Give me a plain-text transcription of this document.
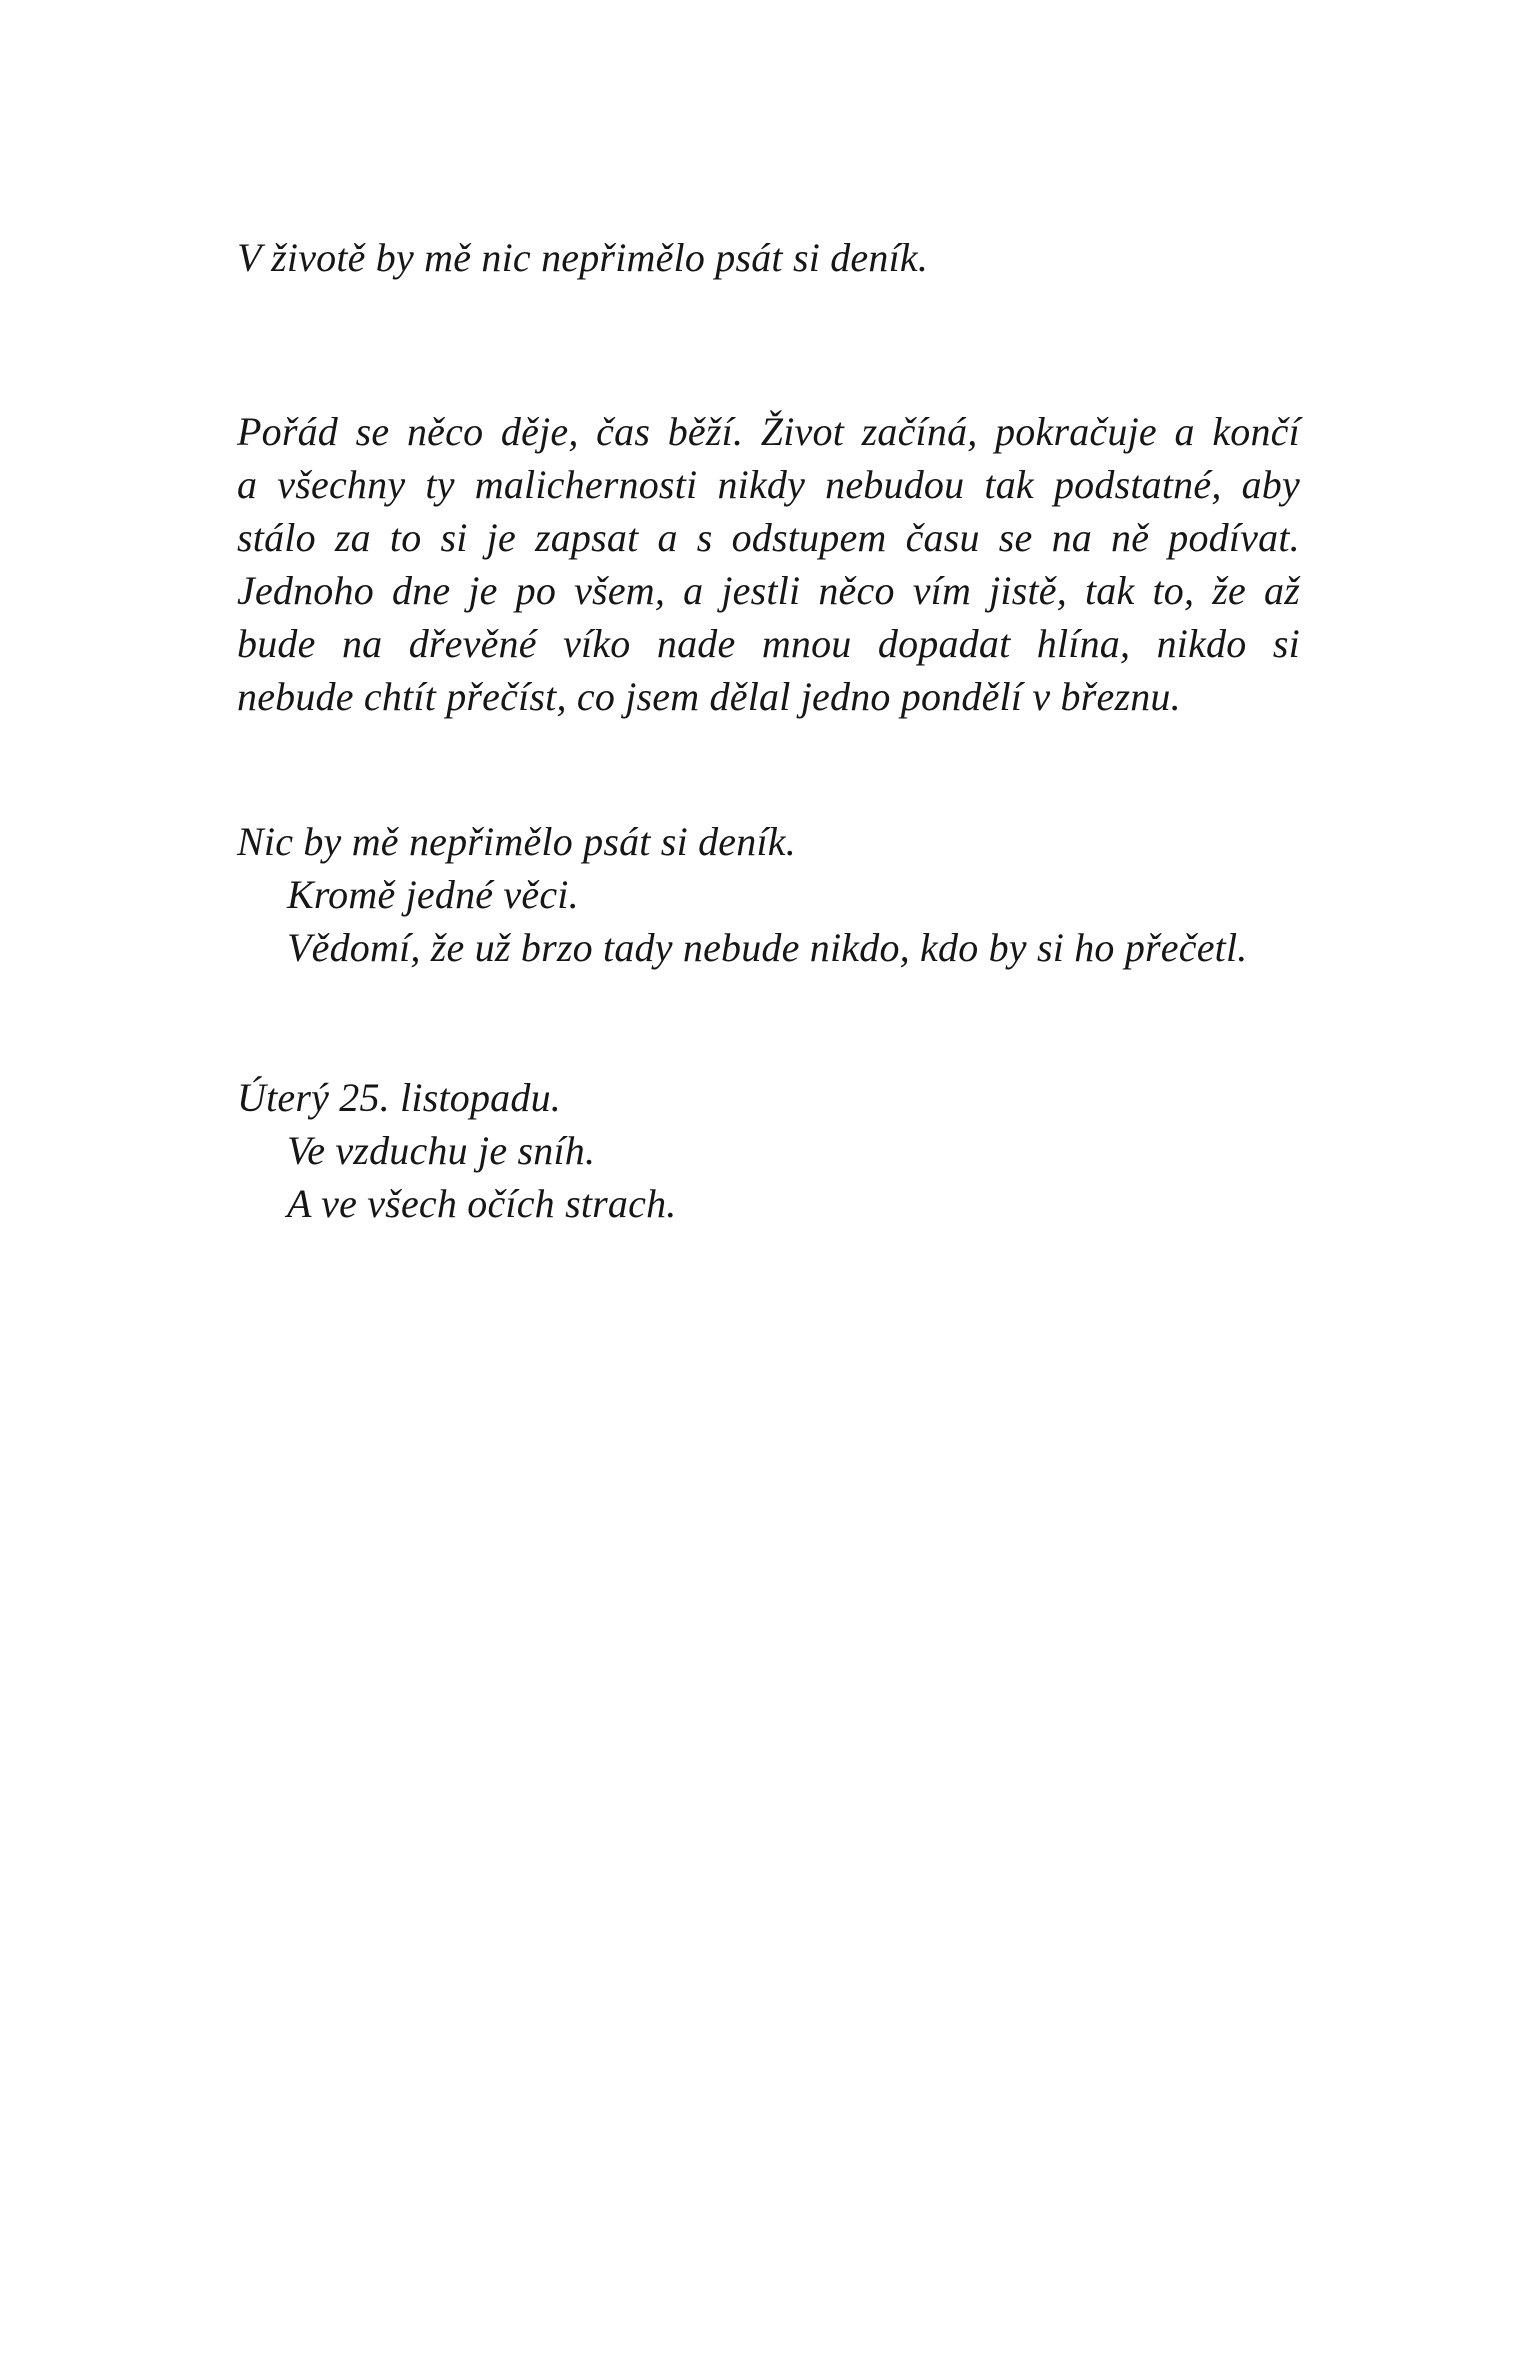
V životě by mě nic nepřimělo psát si deník.
Pořád se něco děje, čas běží. Život začíná, pokračuje a končí
a všechny ty malichernosti nikdy nebudou tak podstatné, aby
stálo za to si je zapsat a s odstupem času se na ně podívat.
Jednoho dne je po všem, a jestli něco vím jistě, tak to, že až
bude na dřevěné víko nade mnou dopadat hlína, nikdo si
nebude chtít přečíst, co jsem dělal jedno pondělí v březnu.
Nic by mě nepřimělo psát si deník.
Kromě jedné věci.
Vědomí, že už brzo tady nebude nikdo, kdo by si ho přečetl.
Úterý 25. listopadu.
Ve vzduchu je sníh.
A ve všech očích strach.
